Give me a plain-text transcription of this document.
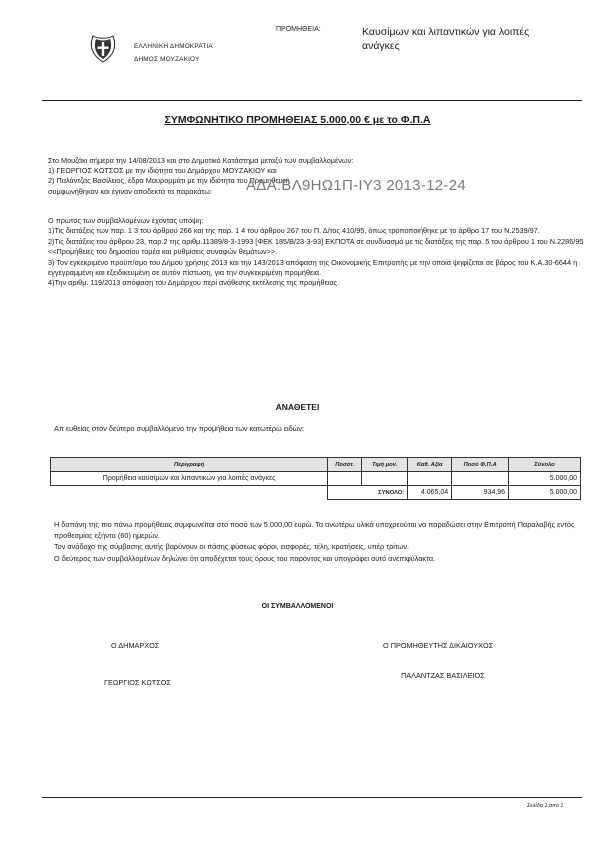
ΕΛΛΗΝΙΚΗ ΔΗΜΟΚΡΑΤΙΑ
ΔΗΜΟΣ ΜΟΥΖΑΚΙΟΥ
ΠΡΟΜΗΘΕΙΑ:	Καυσίμων και λιπαντικών για λοιπές ανάγκες
ΣΥΜΦΩΝΗΤΙΚΟ ΠΡΟΜΗΘΕΙΑΣ 5.000,00 € με το Φ.Π.Α

Στο Μουζάκι σήμερα την 14/08/2013 και στο Δημοτικό Κατάστημα μεταξύ των συμβαλλομένων:

1) ΓΕΩΡΓΙΟΣ ΚΩΤΣΟΣ με την ιδιότητα του Δημάρχου ΜΟΥΖΑΚΙΟΥ και

2) Παλάντζας Βασίλειος, έδρα Μαυρομμάτι με την ιδιότητα του Προμηθευτή

συμφωνήθηκαν και έγιναν αποδεκτά τα παρακάτω:	ΑΔΑ:ΒΛ9ΗΩ1Π-ΙΥ3 2013-12-24

Ο πρώτος των συμβαλλομένων έχοντας υπόψη:

1)Τις διατάξεις των παρ. 1 3 του άρθρου 266 και της παρ. 1 4 του άρθρου 267 του Π. Δ/τος 410/95, όπως τροποποιήθηκε με το άρθρο 17 του Ν.2539/97.

2)Τις διατάξεις του άρθρου 23, παρ.2 της αριθμ.11389/8-3-1993 [ΦΕΚ 185/Β/23-3-93] ΕΚΠΟΤΑ σε συνδυασμό με τις διατάξεις της παρ. 5 του άρθρου 1 του Ν.2286/95 <<Προμήθειες του δημοσίου τομέα και ρυθμίσεις συναφών θεμάτων>>.

3) Τον εγκεκριμένο προϋπ/σμο του Δήμου χρήσης 2013 και την 143/2013 απόφαση της Οικονομικής Επιτροπής με την οποία ψηφίζεται σε βάρος του Κ.Α.30-6644 η εγγεγραμμένη και εξειδικευμένη σε αυτόν πίστωση, για την συγκεκριμένη προμήθεια.

4)Την αριθμ. 119/2013 απόφαση του Δημάρχου περί ανάθεσης εκτέλεσης της προμήθειας.

ΑΝΑΘΕΤΕΙ
Απ ευθείας στον δεύτερο συμβαλλόμενο την προμήθεια των κατωτέρω ειδών:
Περιγραφή	Ποσότ.	Τιμή μον.	Καθ. Αξία	Ποσό Φ.Π.Α	Σύνολο
Προμήθεια καυσίμων και λιπαντικών για λοιπές ανάγκες					5.000,00
	ΣΥΝΟΛΟ:		4.065,04	934,96	5.000,00

Η δαπάνη της πιο πάνω προμήθειας συμφωνείται στο ποσό των 5.000,00 ευρώ. Τα ανωτέρω υλικά υποχρεούται να παραδώσει στην Επιτροπή Παραλαβής εντός προθεσμίας εξήντα (60) ημερών.

Τον ανάδοχο της σύμβασης αυτής βαρύνουν οι πάσης φύσεως φόροι, εισφορές, τέλη, κρατήσεις, υπέρ τρίτων.

Ο δεύτερος των συμβαλλομένων δηλώνει ότι αποδέχεται τους όρους του παρόντος και υπογράφει αυτό ανεπιφύλακτα.

ΟΙ ΣΥΜΒΑΛΛΟΜΕΝΟΙ
Ο ΔΗΜΑΡΧΟΣ
ΓΕΩΡΓΙΟΣ ΚΩΤΣΟΣ
Ο ΠΡΟΜΗΘΕΥΤΗΣ ΔΙΚΑΙΟΥΧΟΣ
ΠΑΛΑΝΤΖΑΣ ΒΑΣΙΛΕΙΟΣ
Σελίδα 1 από 1
